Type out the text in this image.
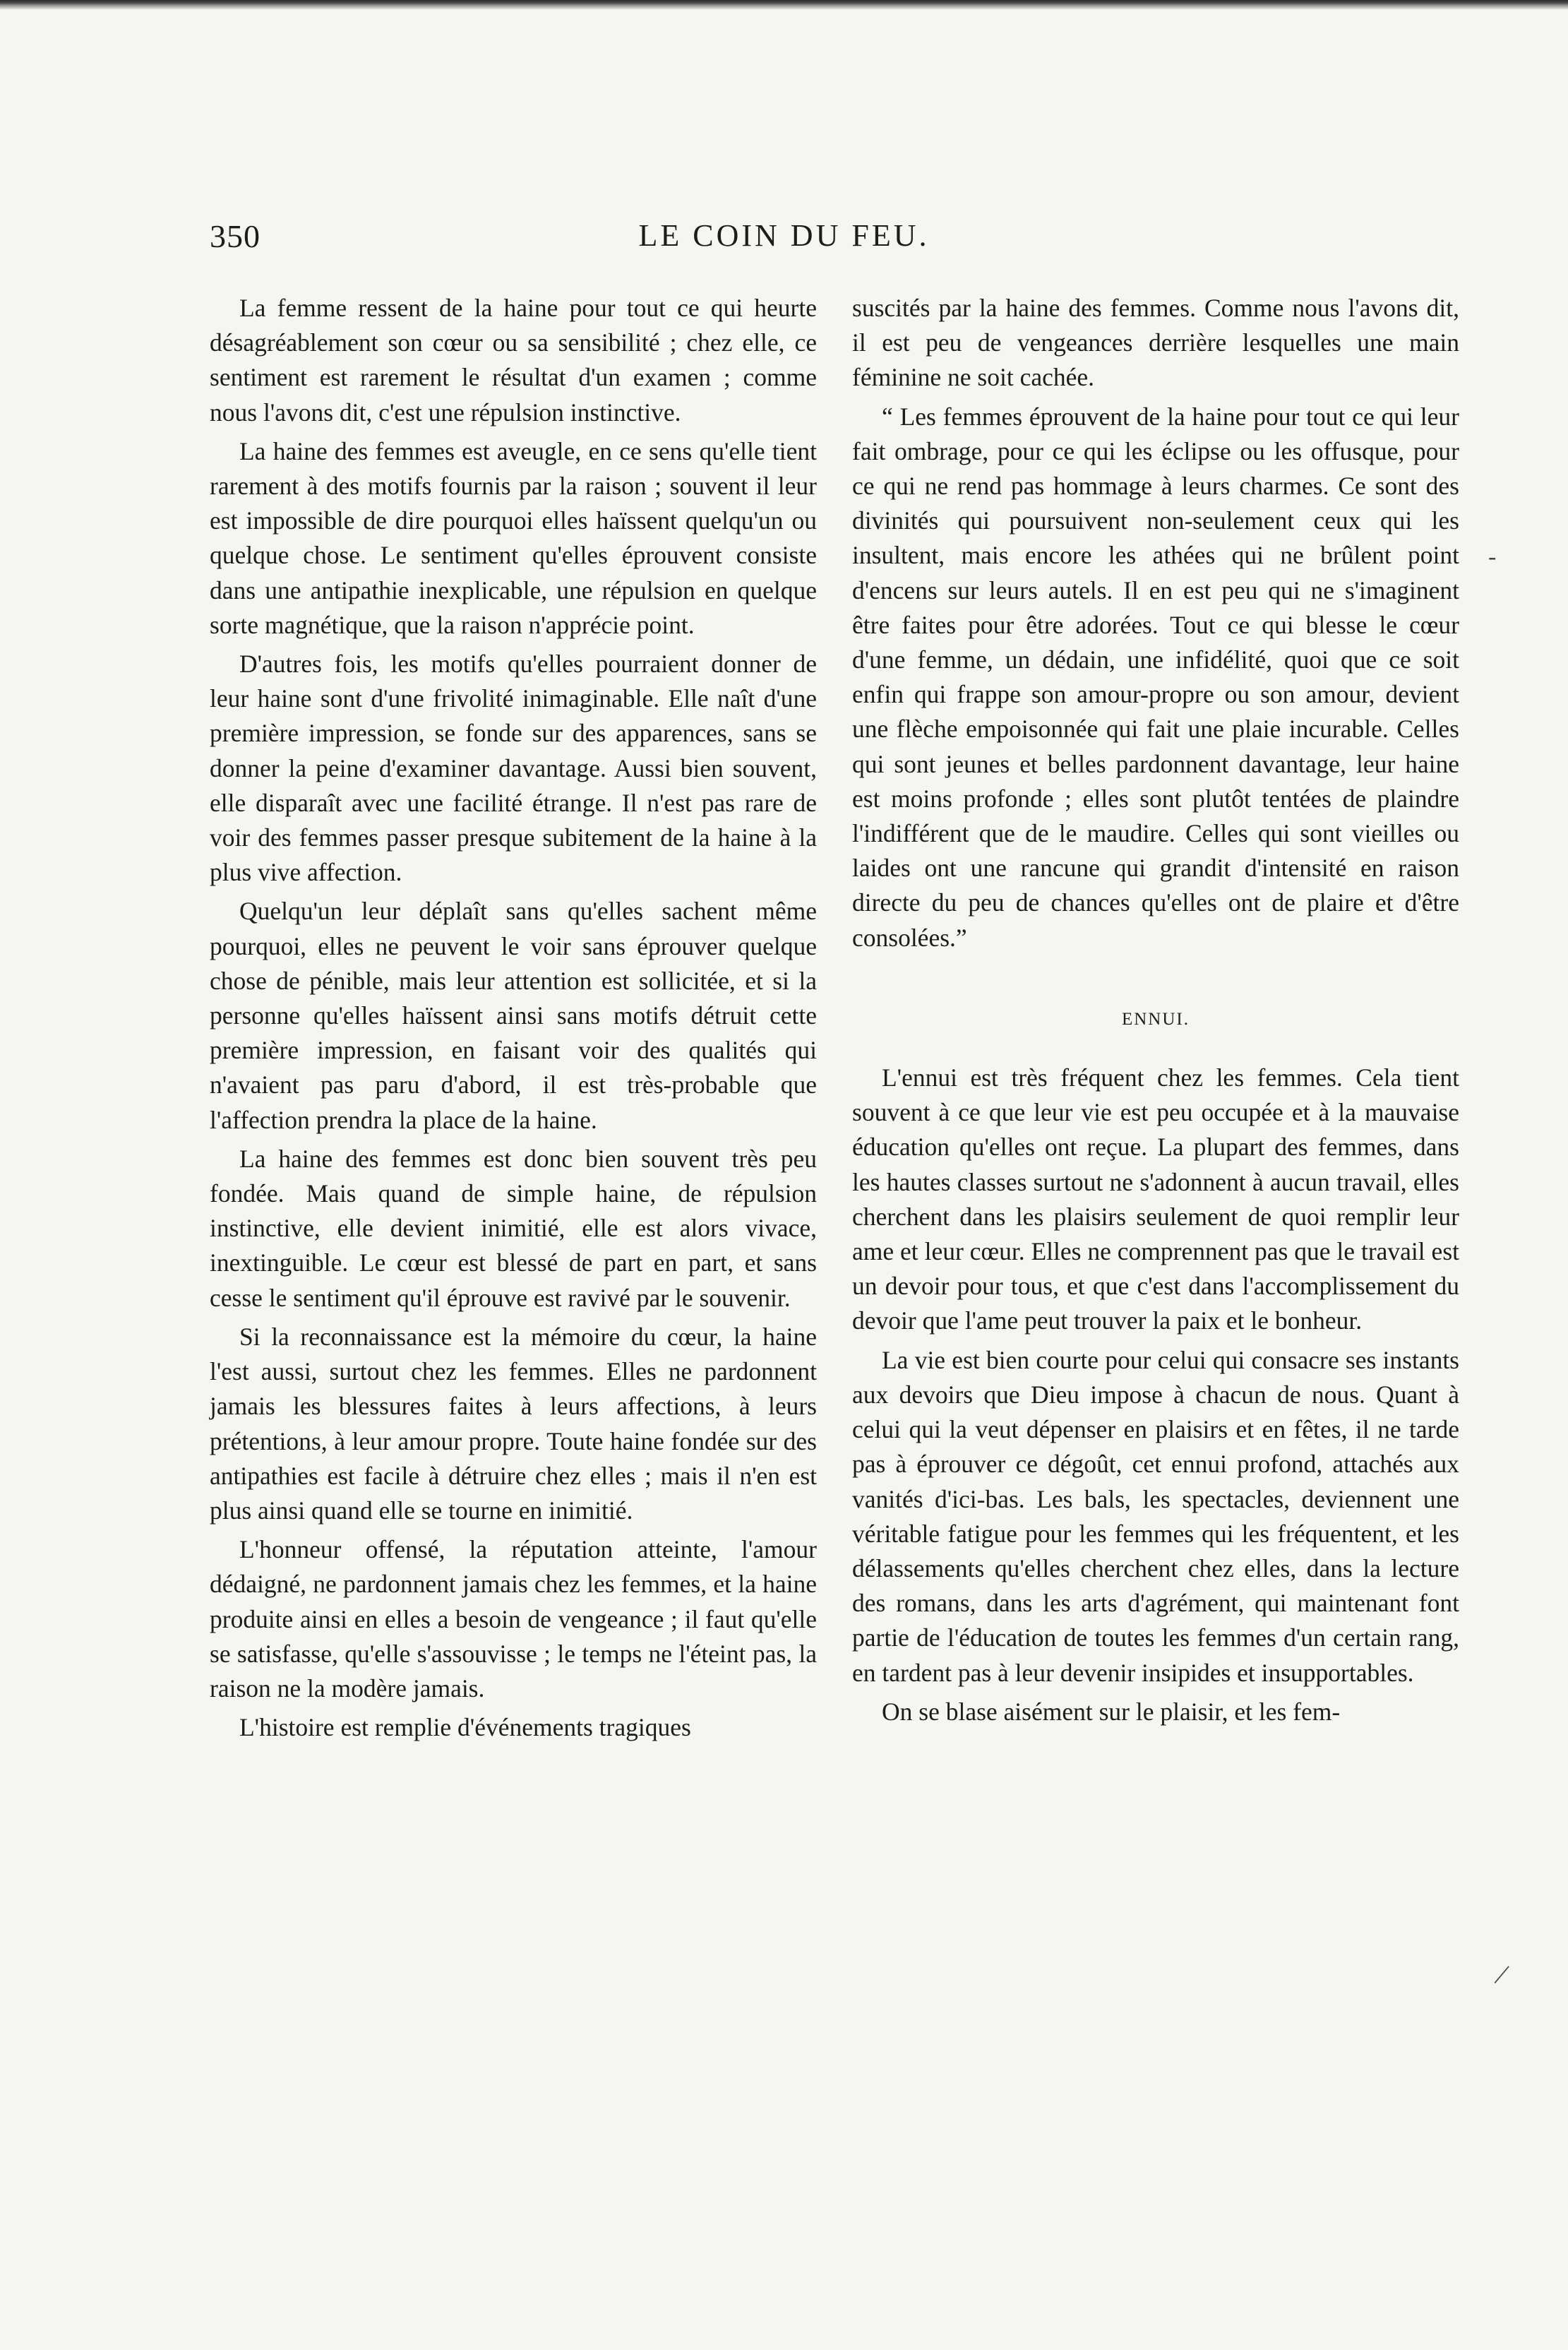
350	LE COIN DU FEU.

La femme ressent de la haine pour tout ce qui heurte désagréablement son cœur ou sa sensibilité ; chez elle, ce sentiment est rarement le résultat d'un examen ; comme nous l'avons dit, c'est une répulsion instinctive.

La haine des femmes est aveugle, en ce sens qu'elle tient rarement à des motifs fournis par la raison ; souvent il leur est impossible de dire pourquoi elles haïssent quelqu'un ou quelque chose. Le sentiment qu'elles éprouvent consiste dans une antipathie inexplicable, une répulsion en quelque sorte magnétique, que la raison n'apprécie point.

D'autres fois, les motifs qu'elles pourraient donner de leur haine sont d'une frivolité inimaginable. Elle naît d'une première impression, se fonde sur des apparences, sans se donner la peine d'examiner davantage. Aussi bien souvent, elle disparaît avec une facilité étrange. Il n'est pas rare de voir des femmes passer presque subitement de la haine à la plus vive affection.

Quelqu'un leur déplaît sans qu'elles sachent même pourquoi, elles ne peuvent le voir sans éprouver quelque chose de pénible, mais leur attention est sollicitée, et si la personne qu'elles haïssent ainsi sans motifs détruit cette première impression, en faisant voir des qualités qui n'avaient pas paru d'abord, il est très-probable que l'affection prendra la place de la haine.

La haine des femmes est donc bien souvent très peu fondée. Mais quand de simple haine, de répulsion instinctive, elle devient inimitié, elle est alors vivace, inextinguible. Le cœur est blessé de part en part, et sans cesse le sentiment qu'il éprouve est ravivé par le souvenir.

Si la reconnaissance est la mémoire du cœur, la haine l'est aussi, surtout chez les femmes. Elles ne pardonnent jamais les blessures faites à leurs affections, à leurs prétentions, à leur amour propre. Toute haine fondée sur des antipathies est facile à détruire chez elles ; mais il n'en est plus ainsi quand elle se tourne en inimitié.

L'honneur offensé, la réputation atteinte, l'amour dédaigné, ne pardonnent jamais chez les femmes, et la haine produite ainsi en elles a besoin de vengeance ; il faut qu'elle se satisfasse, qu'elle s'assouvisse ; le temps ne l'éteint pas, la raison ne la modère jamais.

L'histoire est remplie d'événements tragiques

suscités par la haine des femmes. Comme nous l'avons dit, il est peu de vengeances derrière lesquelles une main féminine ne soit cachée.

“ Les femmes éprouvent de la haine pour tout ce qui leur fait ombrage, pour ce qui les éclipse ou les offusque, pour ce qui ne rend pas hommage à leurs charmes. Ce sont des divinités qui poursuivent non-seulement ceux qui les insultent, mais encore les athées qui ne brûlent point d'encens sur leurs autels. Il en est peu qui ne s'imaginent être faites pour être adorées. Tout ce qui blesse le cœur d'une femme, un dédain, une infidélité, quoi que ce soit enfin qui frappe son amour-propre ou son amour, devient une flèche empoisonnée qui fait une plaie incurable. Celles qui sont jeunes et belles pardonnent davantage, leur haine est moins profonde ; elles sont plutôt tentées de plaindre l'indifférent que de le maudire. Celles qui sont vieilles ou laides ont une rancune qui grandit d'intensité en raison directe du peu de chances qu'elles ont de plaire et d'être consolées.”

ENNUI.

L'ennui est très fréquent chez les femmes. Cela tient souvent à ce que leur vie est peu occupée et à la mauvaise éducation qu'elles ont reçue. La plupart des femmes, dans les hautes classes surtout ne s'adonnent à aucun travail, elles cherchent dans les plaisirs seulement de quoi remplir leur ame et leur cœur. Elles ne comprennent pas que le travail est un devoir pour tous, et que c'est dans l'accomplissement du devoir que l'ame peut trouver la paix et le bonheur.

La vie est bien courte pour celui qui consacre ses instants aux devoirs que Dieu impose à chacun de nous. Quant à celui qui la veut dépenser en plaisirs et en fêtes, il ne tarde pas à éprouver ce dégoût, cet ennui profond, attachés aux vanités d'ici-bas. Les bals, les spectacles, deviennent une véritable fatigue pour les femmes qui les fréquentent, et les délassements qu'elles cherchent chez elles, dans la lecture des romans, dans les arts d'agrément, qui maintenant font partie de l'éducation de toutes les femmes d'un certain rang, en tardent pas à leur devenir insipides et insupportables.

On se blase aisément sur le plaisir, et les fem-

-
|
